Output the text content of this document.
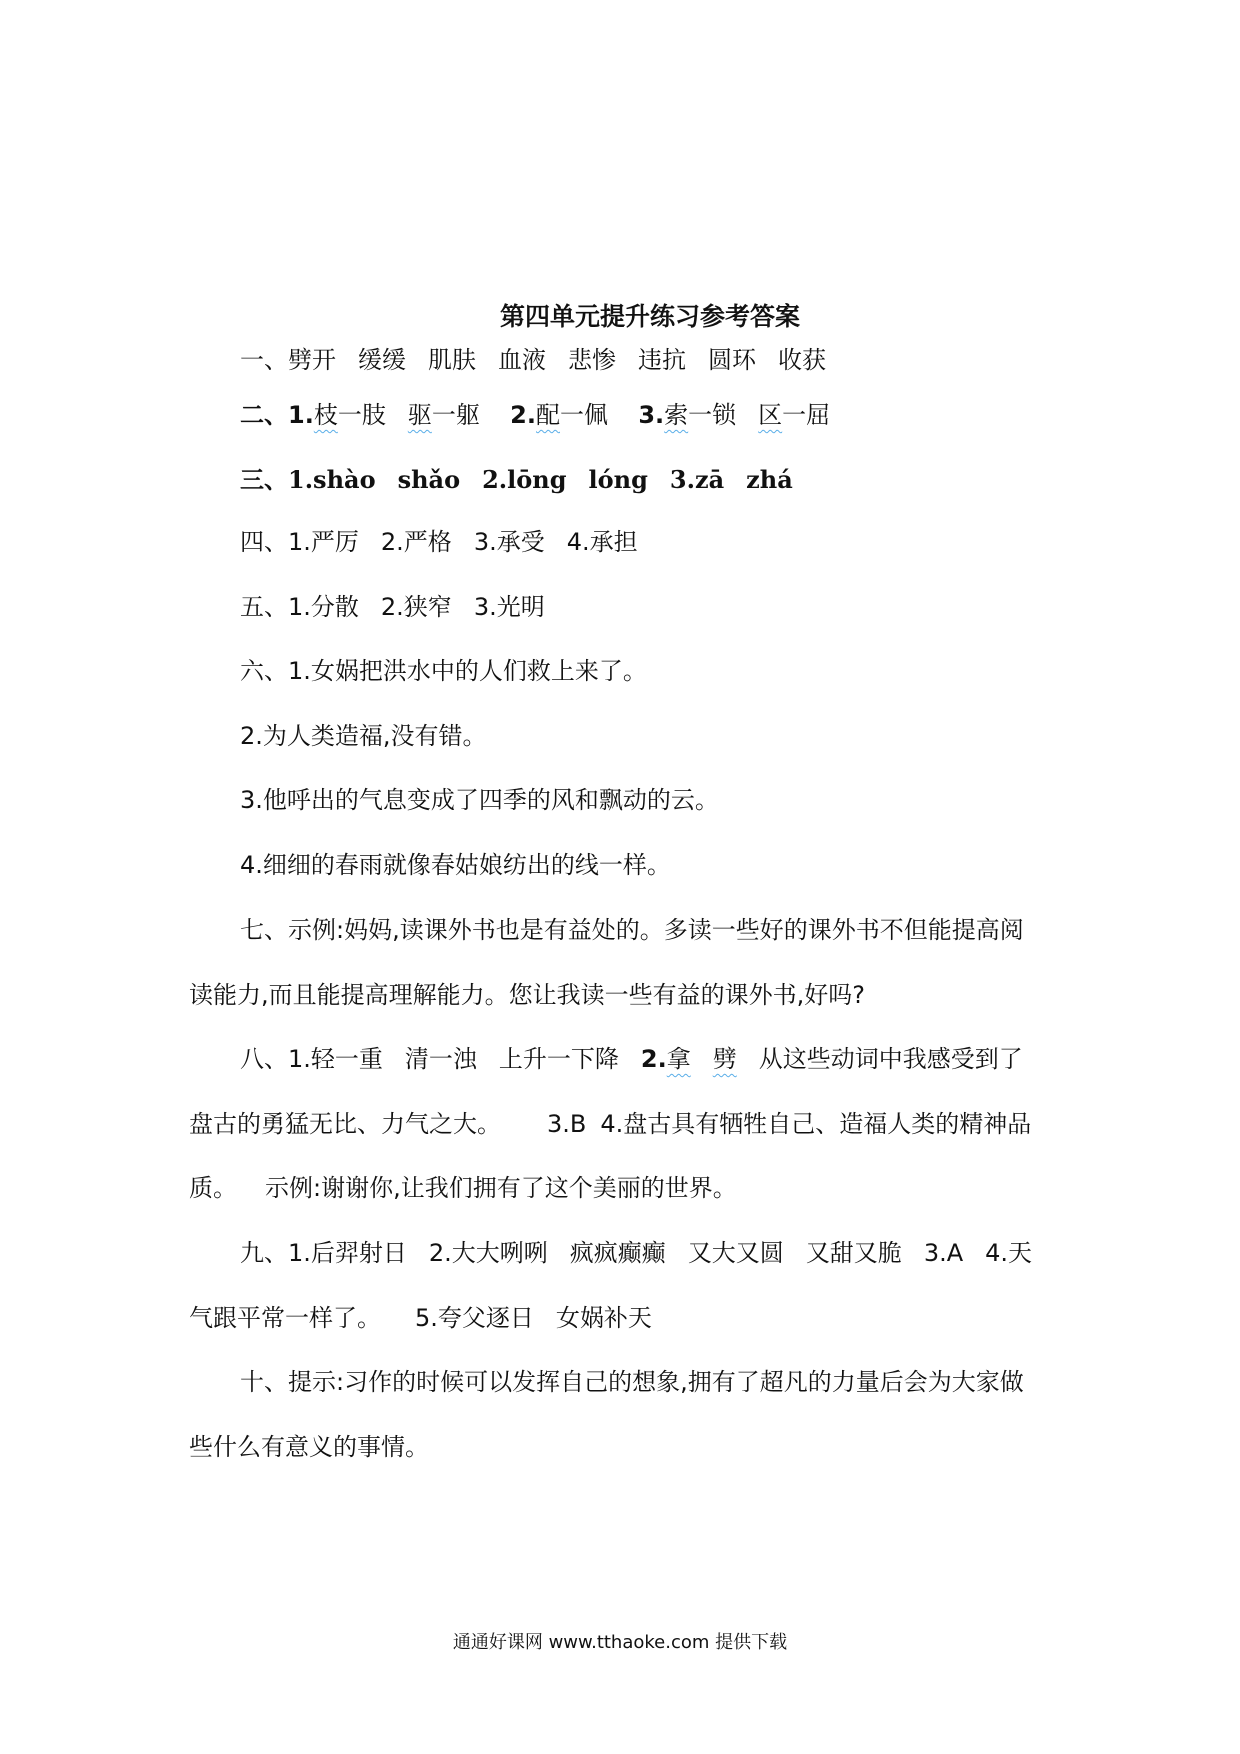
第四单元提升练习参考答案
一、劈开 缓缓 肌肤 血液 悲惨 违抗 圆环 收获
二、1.枝一肢 驱一躯 2.配一佩 3.索一锁 区一屈
三、1.shào shǎo 2.lōng lóng 3.zā zhá
四、1.严厉 2.严格 3.承受 4.承担
五、1.分散 2.狭窄 3.光明
六、1.女娲把洪水中的人们救上来了。
2.为人类造福,没有错。
3.他呼出的气息变成了四季的风和飘动的云。
4.细细的春雨就像春姑娘纺出的线一样。
七、示例:妈妈,读课外书也是有益处的。多读一些好的课外书不但能提高阅
读能力,而且能提高理解能力。您让我读一些有益的课外书,好吗?
八、1.轻一重 清一浊 上升一下降 2.拿 劈 从这些动词中我感受到了
盘古的勇猛无比、力气之大。 3.B 4.盘古具有牺牲自己、造福人类的精神品
质。 示例:谢谢你,让我们拥有了这个美丽的世界。
九、1.后羿射日 2.大大咧咧 疯疯癫癫 又大又圆 又甜又脆 3.A 4.天
气跟平常一样了。 5.夸父逐日 女娲补天
十、提示:习作的时候可以发挥自己的想象,拥有了超凡的力量后会为大家做
些什么有意义的事情。
通通好课网 www.tthaoke.com 提供下载
